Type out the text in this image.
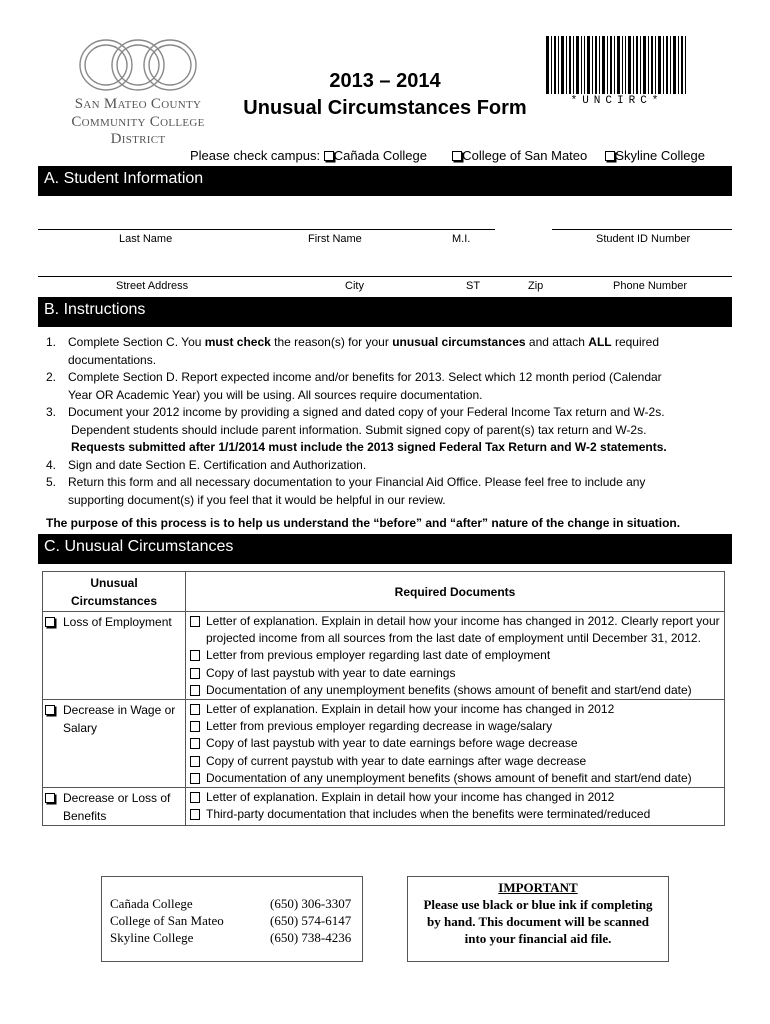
San Mateo County
Community College District
2013 – 2014
Unusual Circumstances Form	*UNCIRC*
Please check campus: Cañada College	College of San Mateo Skyline College
A. Student Information
Last Name	First Name	M.I.	Student ID Number
Street Address	City	ST	Zip	Phone Number
B. Instructions
1. Complete Section C. You must check the reason(s) for your unusual circumstances and attach ALL required
documentations.
2. Complete Section D. Report expected income and/or benefits for 2013. Select which 12 month period (Calendar
Year OR Academic Year) you will be using. All sources require documentation.
3. Document your 2012 income by providing a signed and dated copy of your Federal Income Tax return and W-2s.
Dependent students should include parent information. Submit signed copy of parent(s) tax return and W-2s.
Requests submitted after 1/1/2014 must include the 2013 signed Federal Tax Return and W-2 statements.
4. Sign and date Section E. Certification and Authorization.
5. Return this form and all necessary documentation to your Financial Aid Office. Please feel free to include any
supporting document(s) if you feel that it would be helpful in our review.
The purpose of this process is to help us understand the “before” and “after” nature of the change in situation.
C. Unusual Circumstances
Unusual
Circumstances	Required Documents

Loss of Employment	Letter of explanation. Explain in detail how your income has changed in 2012. Clearly report your projected income from all sources from the last date of employment until December 31, 2012.
Letter from previous employer regarding last date of employment
Copy of last paystub with year to date earnings
Documentation of any unemployment benefits (shows amount of benefit and start/end date)

Decrease in Wage or Salary	Letter of explanation. Explain in detail how your income has changed in 2012
Letter from previous employer regarding decrease in wage/salary
Copy of last paystub with year to date earnings before wage decrease
Copy of current paystub with year to date earnings after wage decrease
Documentation of any unemployment benefits (shows amount of benefit and start/end date)

Decrease or Loss of Benefits	Letter of explanation. Explain in detail how your income has changed in 2012
Third-party documentation that includes when the benefits were terminated/reduced
Cañada College	(650) 306-3307
College of San Mateo	(650) 574-6147
Skyline College	(650) 738-4236
IMPORTANT
Please use black or blue ink if completing
by hand. This document will be scanned
into your financial aid file.
